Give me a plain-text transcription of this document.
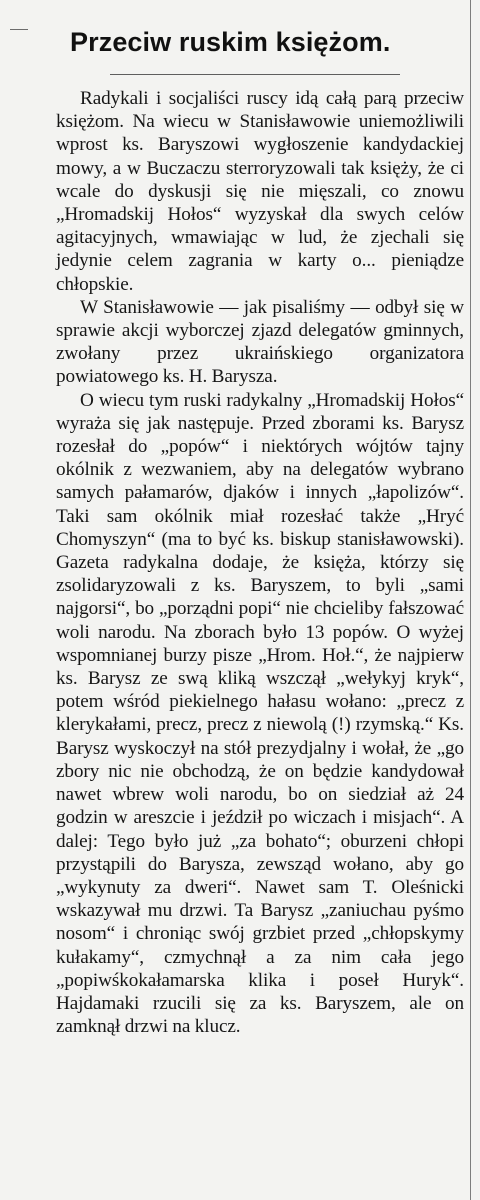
Przeciw ruskim księżom.

Radykali i socjaliści ruscy idą całą parą przeciw księżom. Na wiecu w Stanisławowie uniemożliwili wprost ks. Baryszowi wygłoszenie kandydackiej mowy, a w Buczaczu sterroryzowali tak księży, że ci wcale do dyskusji się nie mięszali, co znowu „Hromadskij Hołos“ wyzyskał dla swych celów agitacyjnych, wmawiając w lud, że zjechali się jedynie celem zagrania w karty o... pieniądze chłopskie.

W Stanisławowie — jak pisaliśmy — odbył się w sprawie akcji wyborczej zjazd delegatów gminnych, zwołany przez ukraińskiego organizatora powiatowego ks. H. Barysza.

O wiecu tym ruski radykalny „Hromadskij Hołos“ wyraża się jak następuje. Przed zborami ks. Barysz rozesłał do „popów“ i niektórych wójtów tajny okólnik z wezwaniem, aby na delegatów wybrano samych pałamarów, djaków i innych „łapolizów“. Taki sam okólnik miał rozesłać także „Hryć Chomyszyn“ (ma to być ks. biskup stanisławowski). Gazeta radykalna dodaje, że księża, którzy się zsolidaryzowali z ks. Baryszem, to byli „sami najgorsi“, bo „porządni popi“ nie chcieliby fałszować woli narodu. Na zborach było 13 popów. O wyżej wspomnianej burzy pisze „Hrom. Hoł.“, że najpierw ks. Barysz ze swą kliką wszczął „wełykyj kryk“, potem wśród piekielnego hałasu wołano: „precz z klerykałami, precz, precz z niewolą (!) rzymską.“ Ks. Barysz wyskoczył na stół prezydjalny i wołał, że „go zbory nic nie obchodzą, że on będzie kandydował nawet wbrew woli narodu, bo on siedział aż 24 godzin w areszcie i jeździł po wiczach i misjach“. A dalej: Tego było już „za bohato“; oburzeni chłopi przystąpili do Barysza, zewsząd wołano, aby go „wykynuty za dweri“. Nawet sam T. Oleśnicki wskazywał mu drzwi. Ta Barysz „zaniuchau pyśmo nosom“ i chroniąc swój grzbiet przed „chłopskymy kułakamy“, czmychnął a za nim cała jego „popiwśkokałamarska klika i poseł Huryk“. Hajdamaki rzucili się za ks. Baryszem, ale on zamknął drzwi na klucz.
